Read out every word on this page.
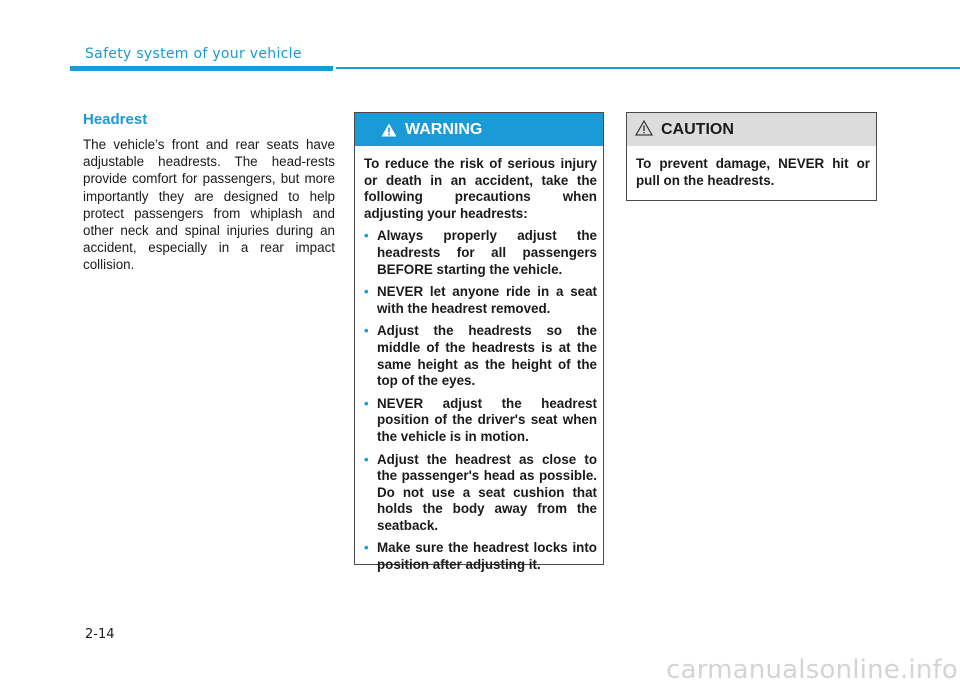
Safety system of your vehicle
Headrest
The vehicle’s front and rear seats have adjustable headrests. The head-rests provide comfort for passengers, but more importantly they are designed to help protect passengers from whiplash and other neck and spinal injuries during an accident, especially in a rear impact collision.
WARNING

To reduce the risk of serious injury or death in an accident, take the following precautions when adjusting your headrests:

• Always properly adjust the headrests for all passengers BEFORE starting the vehicle.
• NEVER let anyone ride in a seat with the headrest removed.
• Adjust the headrests so the middle of the headrests is at the same height as the height of the top of the eyes.
• NEVER adjust the headrest position of the driver's seat when the vehicle is in motion.
• Adjust the headrest as close to the passenger's head as possible. Do not use a seat cushion that holds the body away from the seatback.
• Make sure the headrest locks into position after adjusting it.
CAUTION
To prevent damage, NEVER hit or pull on the headrests.
2-14
carmanualsonline.info
